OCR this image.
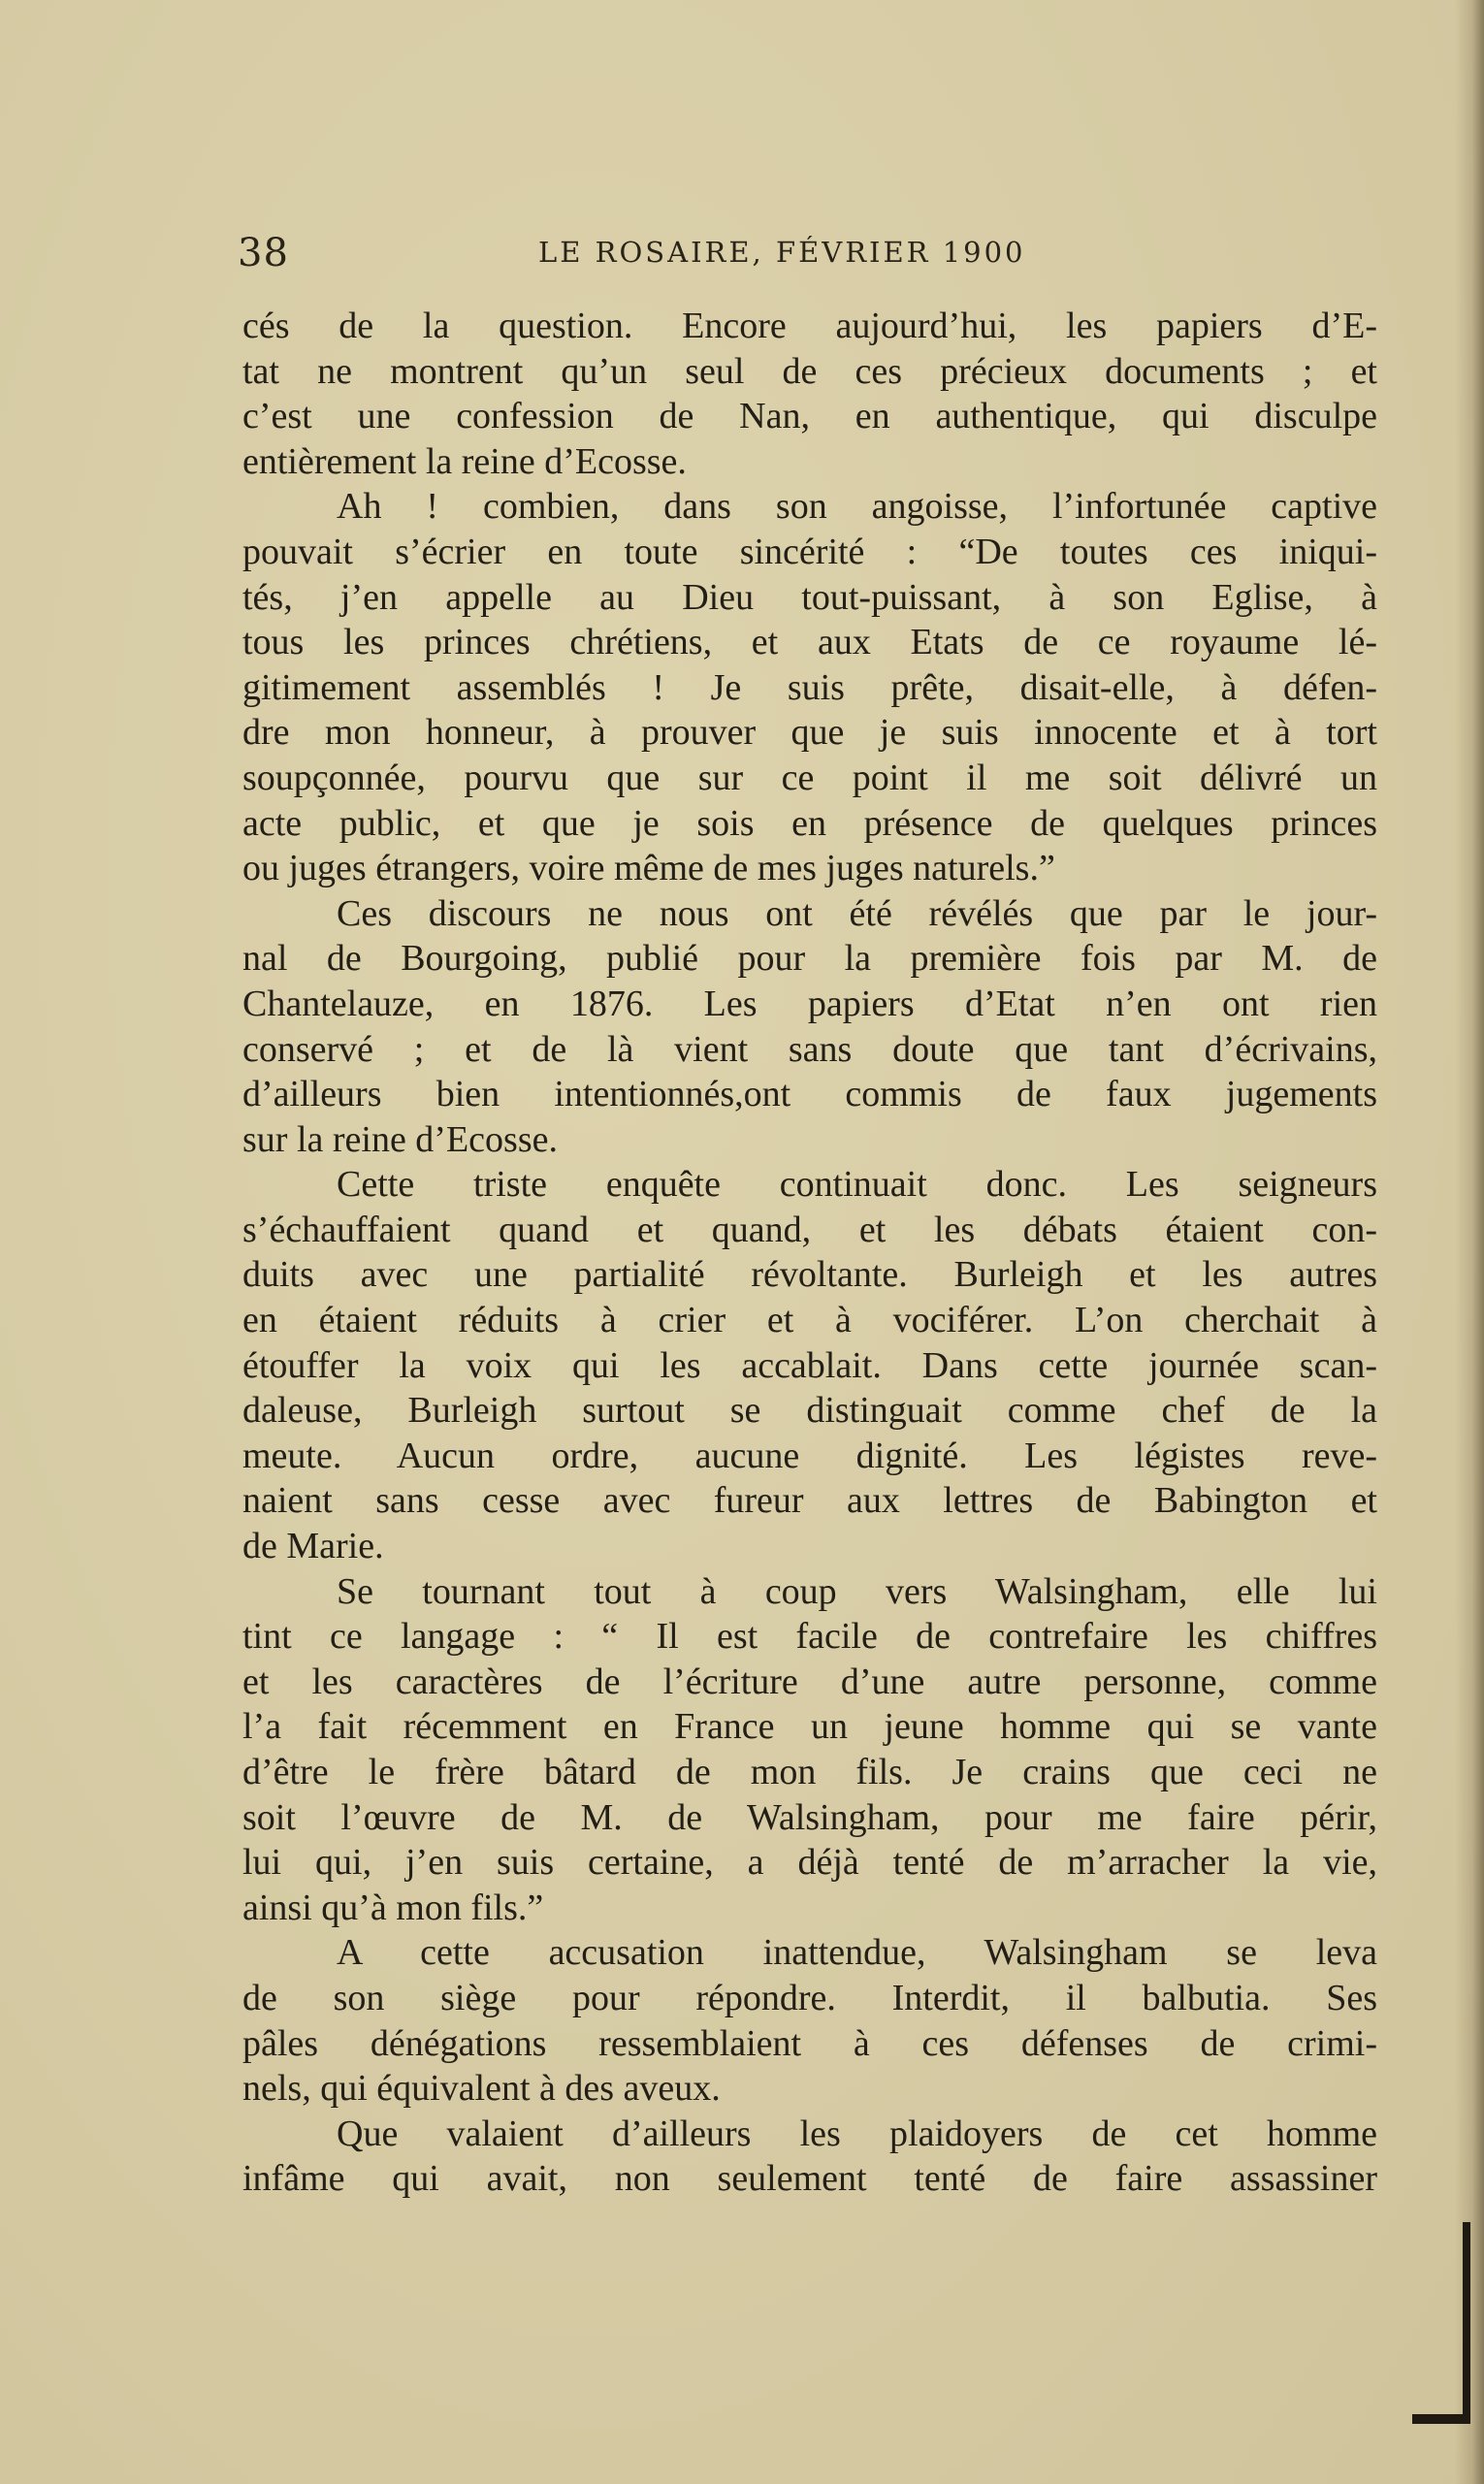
38	LE ROSAIRE, FÉVRIER 1900
cés de la question. Encore aujourd’hui, les papiers d’E-
tat ne montrent qu’un seul de ces précieux documents ; et
c’est une confession de Nan, en authentique, qui disculpe
entièrement la reine d’Ecosse.
Ah ! combien, dans son angoisse, l’infortunée captive
pouvait s’écrier en toute sincérité : “De toutes ces iniqui-
tés, j’en appelle au Dieu tout-puissant, à son Eglise, à
tous les princes chrétiens, et aux Etats de ce royaume lé-
gitimement assemblés ! Je suis prête, disait-elle, à défen-
dre mon honneur, à prouver que je suis innocente et à tort
soupçonnée, pourvu que sur ce point il me soit délivré un
acte public, et que je sois en présence de quelques princes
ou juges étrangers, voire même de mes juges naturels.”
Ces discours ne nous ont été révélés que par le jour-
nal de Bourgoing, publié pour la première fois par M. de
Chantelauze, en 1876. Les papiers d’Etat n’en ont rien
conservé ; et de là vient sans doute que tant d’écrivains,
d’ailleurs bien intentionnés,ont commis de faux jugements
sur la reine d’Ecosse.
Cette triste enquête continuait donc. Les seigneurs
s’échauffaient quand et quand, et les débats étaient con-
duits avec une partialité révoltante. Burleigh et les autres
en étaient réduits à crier et à vociférer. L’on cherchait à
étouffer la voix qui les accablait. Dans cette journée scan-
daleuse, Burleigh surtout se distinguait comme chef de la
meute. Aucun ordre, aucune dignité. Les légistes reve-
naient sans cesse avec fureur aux lettres de Babington et
de Marie.
Se tournant tout à coup vers Walsingham, elle lui
tint ce langage : “ Il est facile de contrefaire les chiffres
et les caractères de l’écriture d’une autre personne, comme
l’a fait récemment en France un jeune homme qui se vante
d’être le frère bâtard de mon fils. Je crains que ceci ne
soit l’œuvre de M. de Walsingham, pour me faire périr,
lui qui, j’en suis certaine, a déjà tenté de m’arracher la vie,
ainsi qu’à mon fils.”
A cette accusation inattendue, Walsingham se leva
de son siège pour répondre. Interdit, il balbutia. Ses
pâles dénégations ressemblaient à ces défenses de crimi-
nels, qui équivalent à des aveux.
Que valaient d’ailleurs les plaidoyers de cet homme
infâme qui avait, non seulement tenté de faire assassiner
